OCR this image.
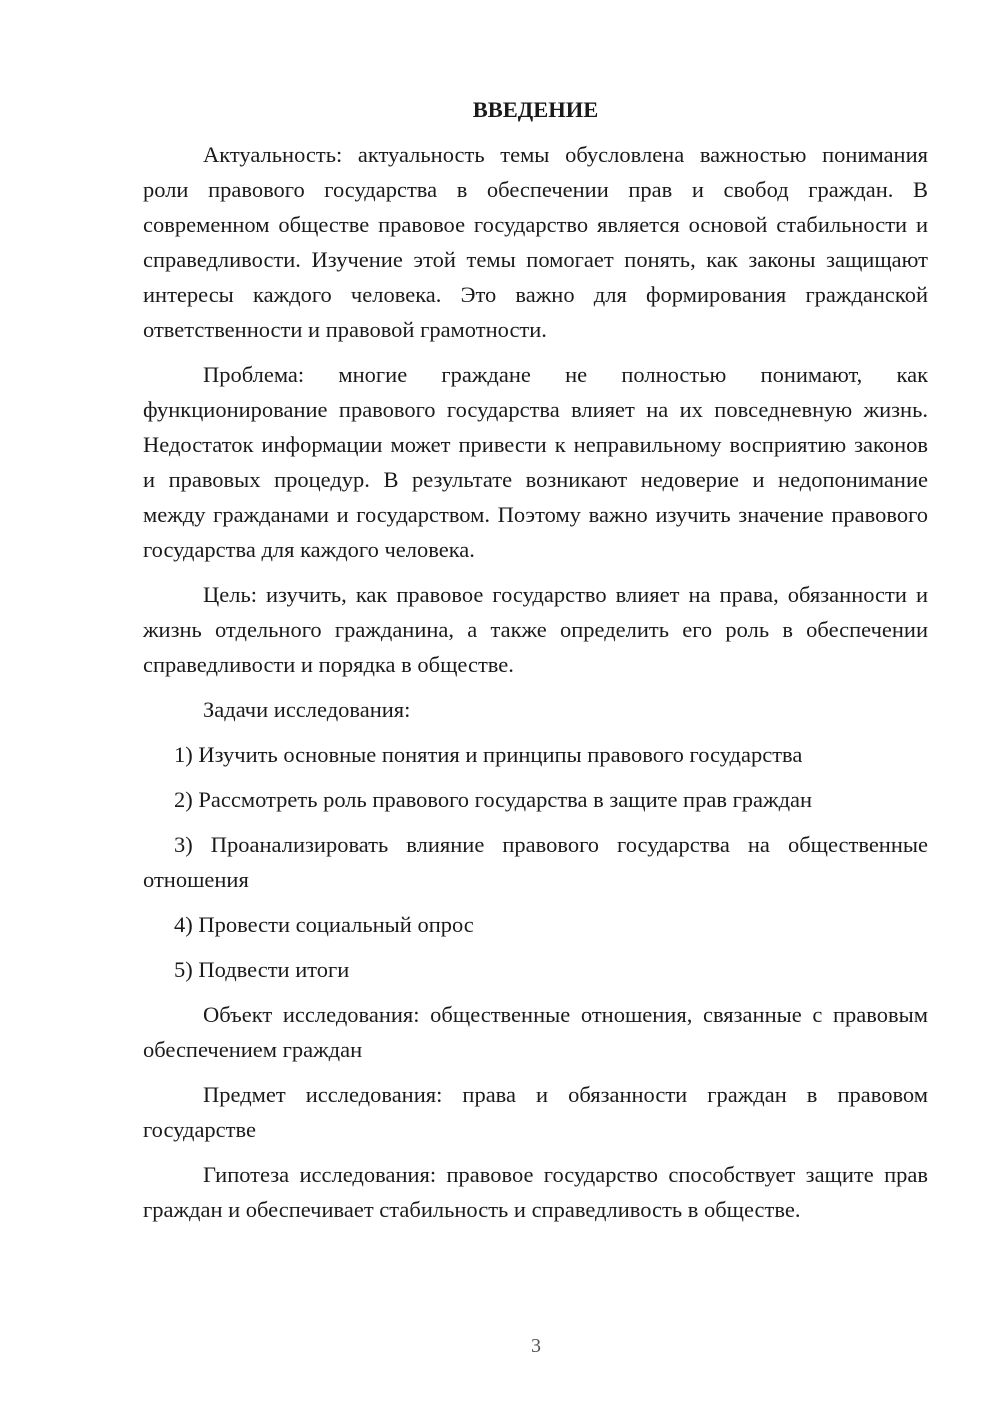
ВВЕДЕНИЕ

Актуальность: актуальность темы обусловлена важностью понимания роли правового государства в обеспечении прав и свобод граждан. В современном обществе правовое государство является основой стабильности и справедливости. Изучение этой темы помогает понять, как законы защищают интересы каждого человека. Это важно для формирования гражданской ответственности и правовой грамотности.

Проблема: многие граждане не полностью понимают, как функционирование правового государства влияет на их повседневную жизнь. Недостаток информации может привести к неправильному восприятию законов и правовых процедур. В результате возникают недоверие и недопонимание между гражданами и государством. Поэтому важно изучить значение правового государства для каждого человека.

Цель: изучить, как правовое государство влияет на права, обязанности и жизнь отдельного гражданина, а также определить его роль в обеспечении справедливости и порядка в обществе.

Задачи исследования:

1) Изучить основные понятия и принципы правового государства

2) Рассмотреть роль правового государства в защите прав граждан

3) Проанализировать влияние правового государства на общественные отношения

4) Провести социальный опрос

5) Подвести итоги

Объект исследования: общественные отношения, связанные с правовым обеспечением граждан

Предмет исследования: права и обязанности граждан в правовом государстве

Гипотеза исследования: правовое государство способствует защите прав граждан и обеспечивает стабильность и справедливость в обществе.

3
